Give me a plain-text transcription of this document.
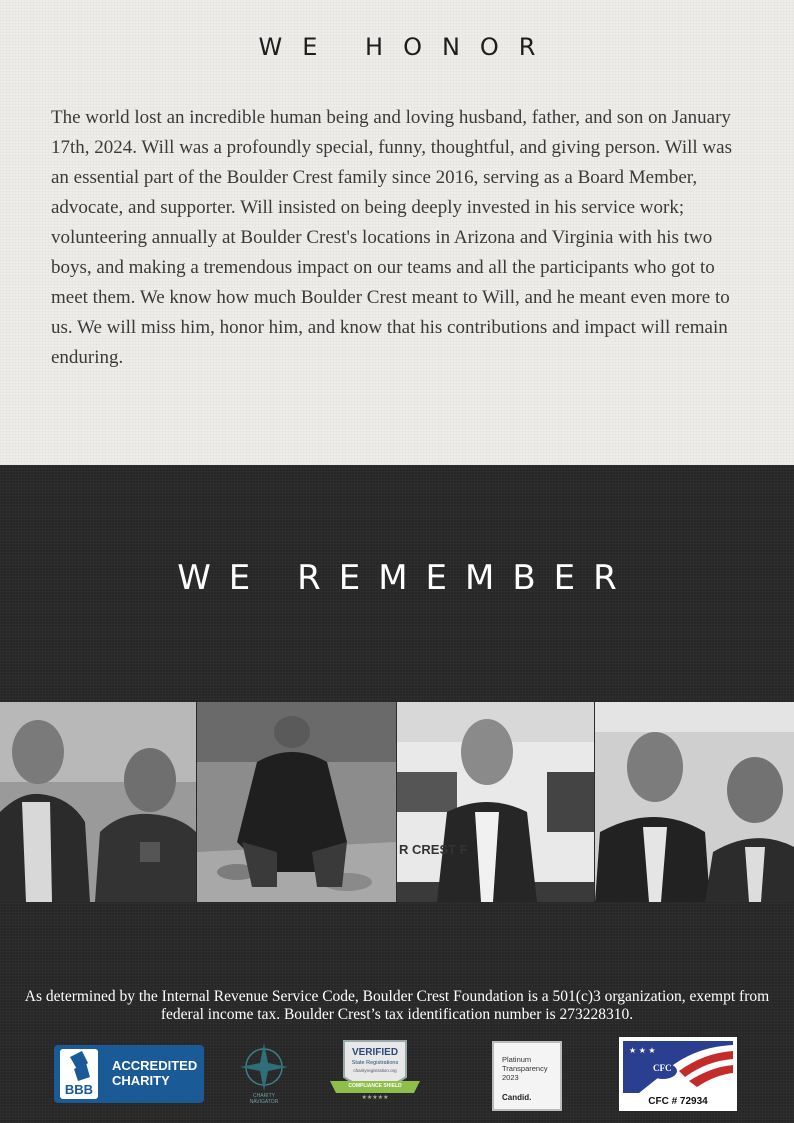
WE HONOR

The world lost an incredible human being and loving husband, father, and son on January 17th, 2024. Will was a profoundly special, funny, thoughtful, and giving person. Will was an essential part of the Boulder Crest family since 2016, serving as a Board Member, advocate, and supporter. Will insisted on being deeply invested in his service work; volunteering annually at Boulder Crest's locations in Arizona and Virginia with his two boys, and making a tremendous impact on our teams and all the participants who got to meet them. We know how much Boulder Crest meant to Will, and he meant even more to us. We will miss him, honor him, and know that his contributions and impact will remain enduring.

WE REMEMBER
R CREST F
As determined by the Internal Revenue Service Code, Boulder Crest Foundation is a 501(c)3 organization, exempt from federal income tax. Boulder Crest’s tax identification number is 273228310.
BBB
ACCREDITED
CHARITY
CHARITY
NAVIGATOR
VERIFIED
State Registrations
charityregistration.org
COMPLIANCE SHIELD
★★★★★
Platinum
Transparency
2023
Candid.
★ ★ ★
CFC
CFC # 72934
